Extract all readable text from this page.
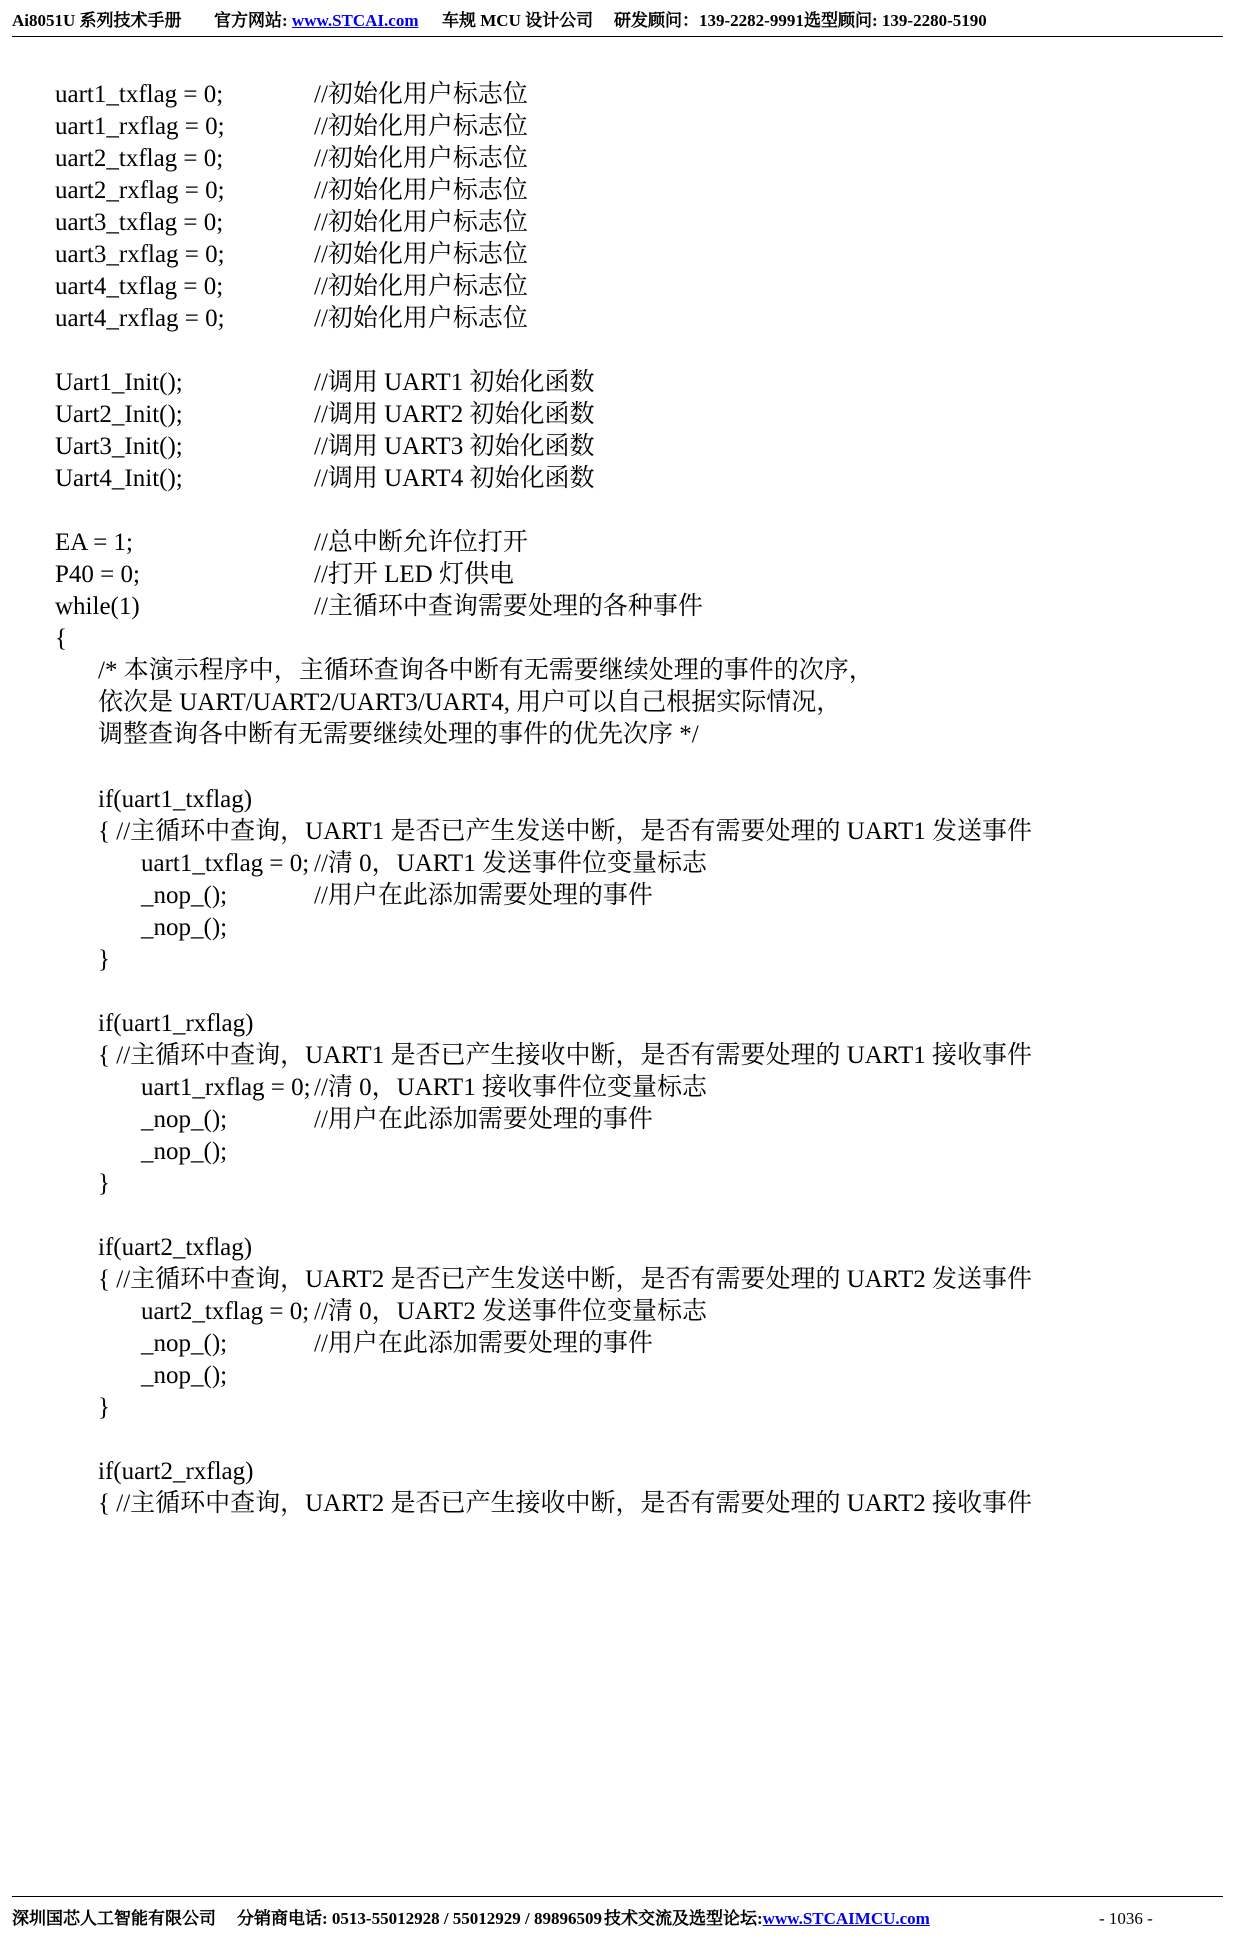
Ai8051U 系列技术手册 官方网站: www.STCAI.com 车规 MCU 设计公司 研发顾问：139-2282-9991 选型顾问: 139-2280-5190
uart1_txflag = 0;	//初始化用户标志位
uart1_rxflag = 0;	//初始化用户标志位
uart2_txflag = 0;	//初始化用户标志位
uart2_rxflag = 0;	//初始化用户标志位
uart3_txflag = 0;	//初始化用户标志位
uart3_rxflag = 0;	//初始化用户标志位
uart4_txflag = 0;	//初始化用户标志位
uart4_rxflag = 0;	//初始化用户标志位
Uart1_Init();	//调用 UART1 初始化函数
Uart2_Init();	//调用 UART2 初始化函数
Uart3_Init();	//调用 UART3 初始化函数
Uart4_Init();	//调用 UART4 初始化函数
EA = 1;	//总中断允许位打开
P40 = 0;	//打开 LED 灯供电
while(1)	//主循环中查询需要处理的各种事件
{
/* 本演示程序中，主循环查询各中断有无需要继续处理的事件的次序，
依次是 UART/UART2/UART3/UART4, 用户可以自己根据实际情况，
调整查询各中断有无需要继续处理的事件的优先次序 */
if(uart1_txflag)
{ //主循环中查询，UART1 是否已产生发送中断，是否有需要处理的 UART1 发送事件
uart1_txflag = 0; //清 0，UART1 发送事件位变量标志
_nop_();	//用户在此添加需要处理的事件
_nop_();
}
if(uart1_rxflag)
{ //主循环中查询，UART1 是否已产生接收中断，是否有需要处理的 UART1 接收事件
uart1_rxflag = 0; //清 0，UART1 接收事件位变量标志
_nop_();	//用户在此添加需要处理的事件
_nop_();
}
if(uart2_txflag)
{ //主循环中查询，UART2 是否已产生发送中断，是否有需要处理的 UART2 发送事件
uart2_txflag = 0; //清 0，UART2 发送事件位变量标志
_nop_();	//用户在此添加需要处理的事件
_nop_();
}
if(uart2_rxflag)
{ //主循环中查询，UART2 是否已产生接收中断，是否有需要处理的 UART2 接收事件
深圳国芯人工智能有限公司 分销商电话: 0513-55012928 / 55012929 / 89896509 技术交流及选型论坛:www.STCAIMCU.com	- 1036 -
